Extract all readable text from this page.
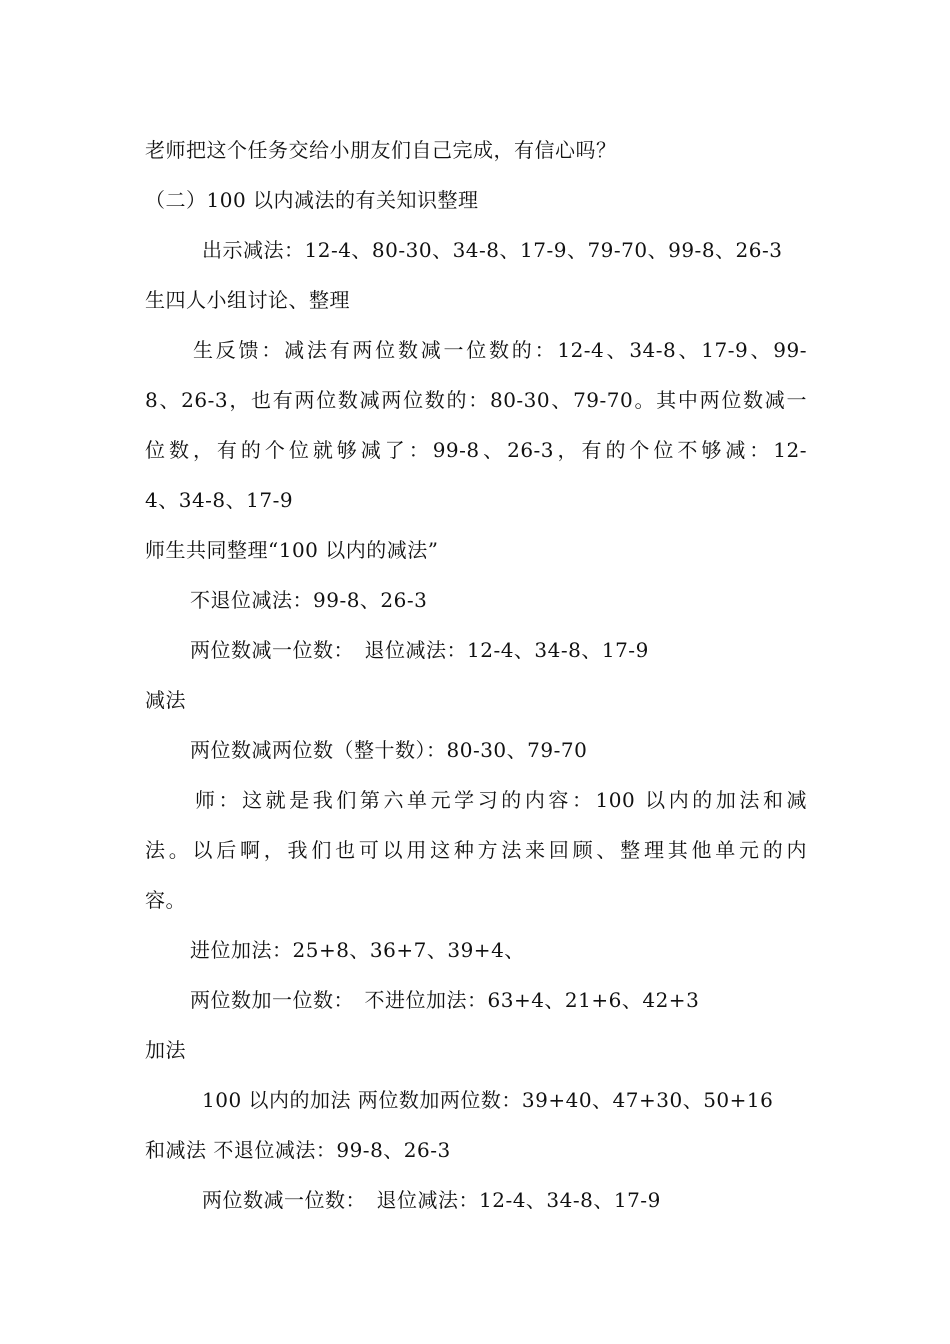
老师把这个任务交给小朋友们自己完成，有信心吗？
（二）100 以内减法的有关知识整理
出示减法：12-4、80-30、34-8、17-9、79-70、99-8、26-3
生四人小组讨论、整理
生反馈：减法有两位数减一位数的：12-4、34-8、17-9、99-
8、26-3，也有两位数减两位数的：80-30、79-70。其中两位数减一
位数，有的个位就够减了：99-8、26-3，有的个位不够减：12-
4、34-8、17-9
师生共同整理“100 以内的减法”
不退位减法：99-8、26-3
两位数减一位数：　退位减法：12-4、34-8、17-9
减法
两位数减两位数（整十数）：80-30、79-70
师：这就是我们第六单元学习的内容：100 以内的加法和减
法。以后啊，我们也可以用这种方法来回顾、整理其他单元的内
容。
进位加法：25+8、36+7、39+4、
两位数加一位数：　不进位加法：63+4、21+6、42+3
加法
100 以内的加法 两位数加两位数：39+40、47+30、50+16
和减法 不退位减法：99-8、26-3
两位数减一位数：　退位减法：12-4、34-8、17-9
